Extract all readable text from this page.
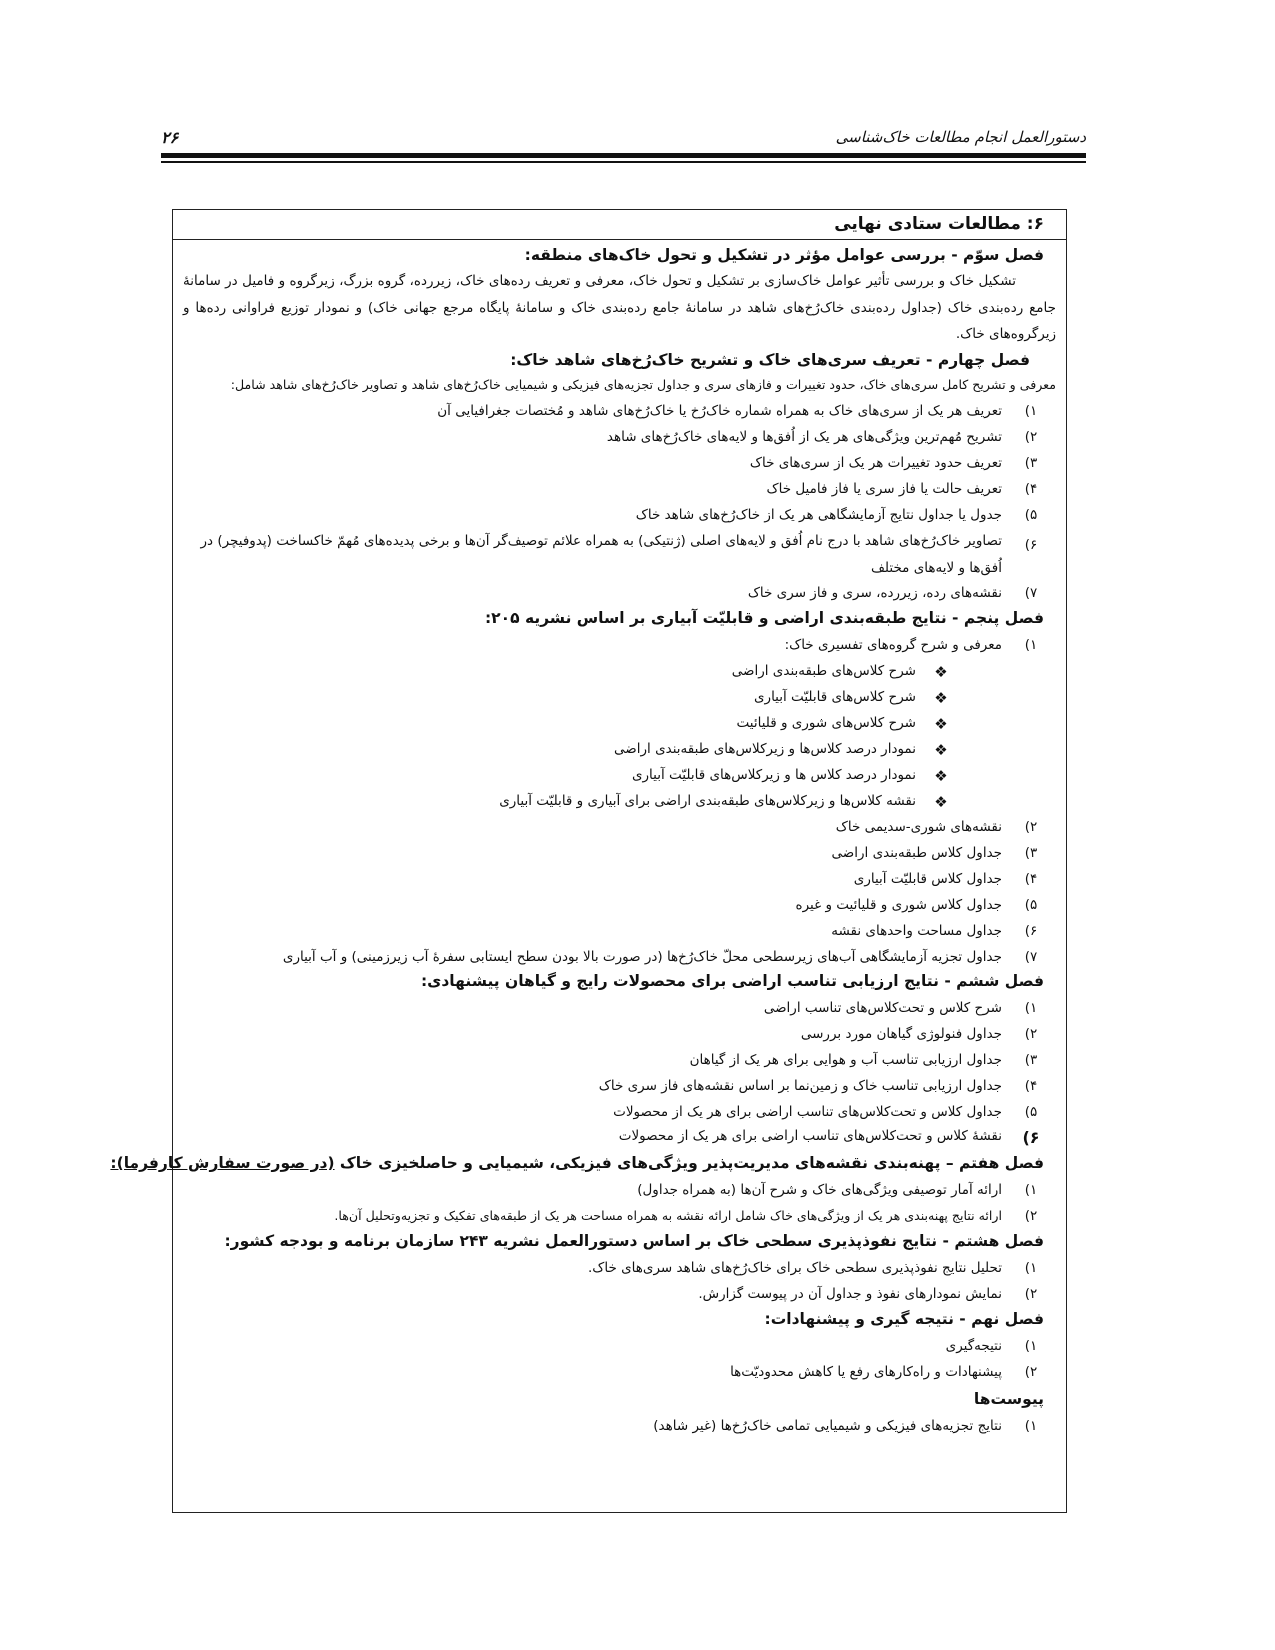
۲۶	دستورالعمل انجام مطالعات خاک‌شناسی
۶: مطالعات ستادی نهایی
فصل سوّم - بررسی عوامل مؤثر در تشکیل و تحول خاک‌های منطقه:
تشکیل خاک و بررسی تأثیر عوامل خاک‌سازی بر تشکیل و تحول خاک، معرفی و تعریف رده‌های خاک، زیررده، گروه بزرگ، زیرگروه و فامیل در سامانهٔ جامع رده‌بندی خاک (جداول رده‌بندی خاک‌رُخ‌های شاهد در سامانهٔ جامع رده‌بندی خاک و سامانهٔ پایگاه مرجع جهانی خاک) و نمودار توزیع فراوانی رده‌ها و زیرگروه‌های خاک.
فصل چهارم - تعریف سری‌های خاک و تشریح خاک‌رُخ‌های شاهد خاک:
معرفی و تشریح کامل سری‌های خاک، حدود تغییرات و فازهای سری و جداول تجزیه‌های فیزیکی و شیمیایی خاک‌رُخ‌های شاهد و تصاویر خاک‌رُخ‌های شاهد شامل:
۱)
تعریف هر یک از سری‌های خاک به همراه شماره خاک‌رُخ یا خاک‌رُخ‌های شاهد و مُختصات جغرافیایی آن
۲)
تشریح مُهم‌ترین ویژگی‌های هر یک از اُفق‌ها و لایه‌های خاک‌رُخ‌های شاهد
۳)
تعریف حدود تغییرات هر یک از سری‌های خاک
۴)
تعریف حالت یا فاز سری یا فاز فامیل خاک
۵)
جدول یا جداول نتایج آزمایشگاهی هر یک از خاک‌رُخ‌های شاهد خاک
۶)
تصاویر خاک‌رُخ‌های شاهد با درج نام اُفق و لایه‌های اصلی (ژنتیکی) به همراه علائم توصیف‌گر آن‌ها و برخی پدیده‌های مُهمّ خاکساخت (پدوفیچر) در اُفق‌ها و لایه‌های مختلف
۷)
نقشه‌های رده، زیررده، سری و فاز سری خاک
فصل پنجم - نتایج طبقه‌بندی اراضی و قابلیّت آبیاری بر اساس نشریه ۲۰۵:
۱)
معرفی و شرح گروه‌های تفسیری خاک:
❖
شرح کلاس‌های طبقه‌بندی اراضی
❖
شرح کلاس‌های قابلیّت آبیاری
❖
شرح کلاس‌های شوری و قلیائیت
❖
نمودار درصد کلاس‌ها و زیرکلاس‌های طبقه‌بندی اراضی
❖
نمودار درصد کلاس ها و زیرکلاس‌های قابلیّت آبیاری
❖
نقشه کلاس‌ها و زیرکلاس‌های طبقه‌بندی اراضی برای آبیاری و قابلیّت آبیاری
۲)
نقشه‌های شوری-سدیمی خاک
۳)
جداول کلاس طبقه‌بندی اراضی
۴)
جداول کلاس قابلیّت آبیاری
۵)
جداول کلاس شوری و قلیائیت و غیره
۶)
جداول مساحت واحدهای نقشه
۷)
جداول تجزیه آزمایشگاهی آب‌های زیرسطحی محلّ خاک‌رُخ‌ها (در صورت بالا بودن سطح ایستابی سفرهٔ آب زیرزمینی) و آب آبیاری
فصل ششم - نتایج ارزیابی تناسب اراضی برای محصولات رایج و گیاهان پیشنهادی:
۱)
شرح کلاس و تحت‌کلاس‌های تناسب اراضی
۲)
جداول فنولوژی گیاهان مورد بررسی
۳)
جداول ارزیابی تناسب آب و هوایی برای هر یک از گیاهان
۴)
جداول ارزیابی تناسب خاک و زمین‌نما بر اساس نقشه‌های فاز سری خاک
۵)
جداول کلاس و تحت‌کلاس‌های تناسب اراضی برای هر یک از محصولات
۶)
نقشهٔ کلاس و تحت‌کلاس‌های تناسب اراضی برای هر یک از محصولات
فصل هفتم – پهنه‌بندی نقشه‌های مدیریت‌پذیر ویژگی‌های فیزیکی، شیمیایی و حاصلخیزی خاک (در صورت سفارش کارفرما):
۱)
ارائه آمار توصیفی ویژگی‌های خاک و شرح آن‌ها (به همراه جداول)
۲)
ارائه نتایج پهنه‌بندی هر یک از ویژگی‌های خاک شامل ارائه نقشه به همراه مساحت هر یک از طبقه‌های تفکیک و تجزیه‌وتحلیل آن‌ها.
فصل هشتم - نتایج نفوذپذیری سطحی خاک بر اساس دستورالعمل نشریه ۲۴۳ سازمان برنامه و بودجه کشور:
۱)
تحلیل نتایج نفوذپذیری سطحی خاک برای خاک‌رُخ‌های شاهد سری‌های خاک.
۲)
نمایش نمودارهای نفوذ و جداول آن در پیوست گزارش.
فصل نهم - نتیجه گیری و پیشنهادات:
۱)
نتیجه‌گیری
۲)
پیشنهادات و راه‌کارهای رفع یا کاهش محدودیّت‌ها
پیوست‌ها
۱)
نتایج تجزیه‌های فیزیکی و شیمیایی تمامی خاک‌رُخ‌ها (غیر شاهد)
